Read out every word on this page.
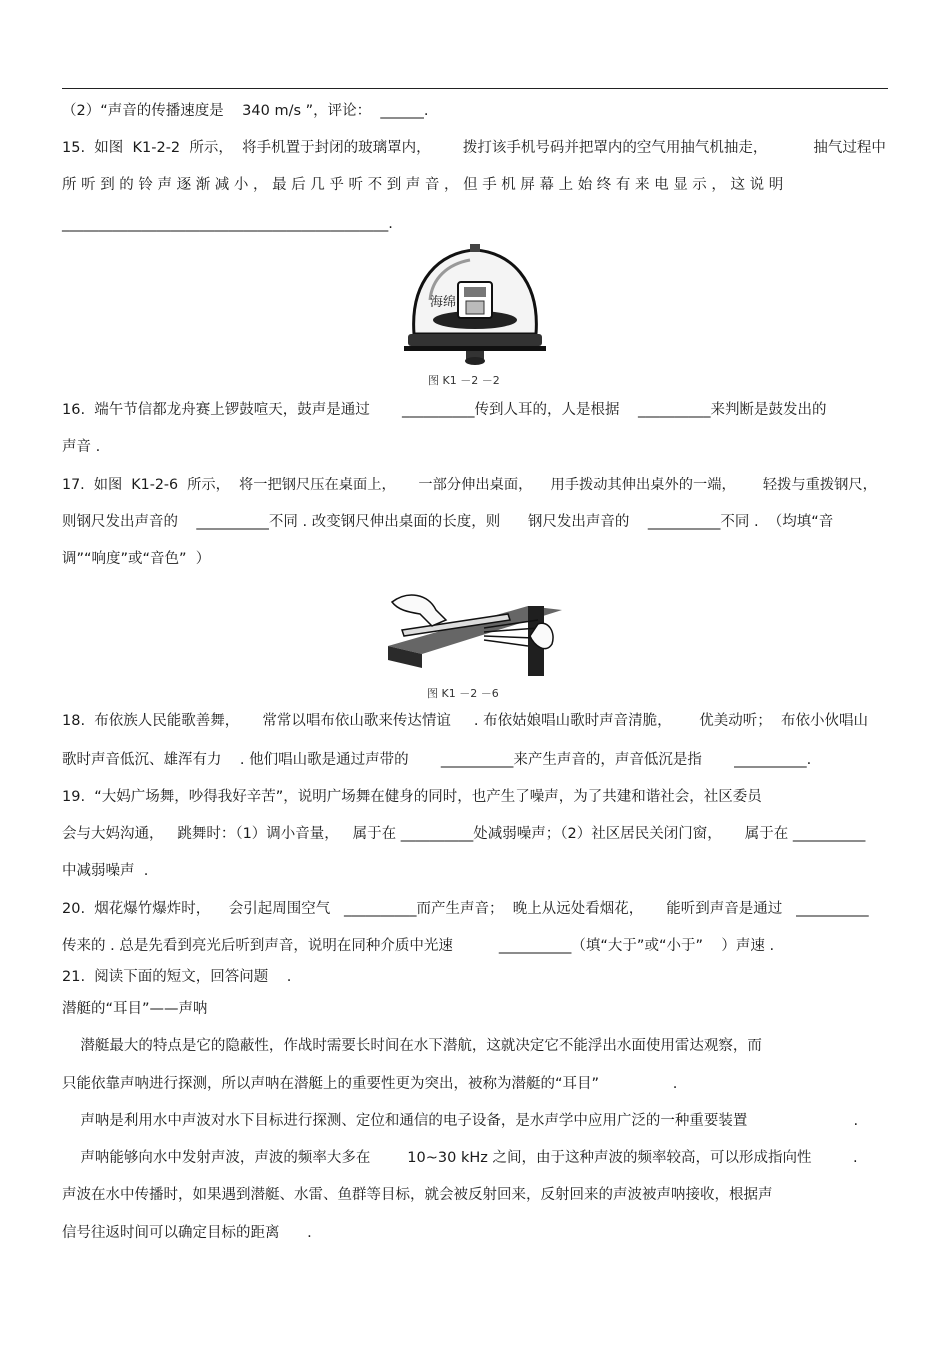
（2）“声音的传播速度是    340 m/s ”，评论：  ______.
15.  如图  K1-2-2  所示，  将手机置于封闭的玻璃罩内，       拨打该手机号码并把罩内的空气用抽气机抽走，          抽气过程中
所听到的铃声逐渐减小，最后几乎听不到声音，但手机屏幕上始终有来电显示，这说明
_____________________________________________.
海绵
图 K1 －2 －2
16.  端午节信都龙舟赛上锣鼓喧天，鼓声是通过       __________传到人耳的，人是根据    __________来判断是鼓发出的
声音 .
17.  如图  K1-2-6  所示，  将一把钢尺压在桌面上，     一部分伸出桌面，    用手拨动其伸出桌外的一端，      轻拨与重拨钢尺，
则钢尺发出声音的    __________不同 . 改变钢尺伸出桌面的长度，则      钢尺发出声音的    __________不同 .  （均填“音
调”“响度”或“音色”  ）
图 K1 －2 －6
18.  布依族人民能歌善舞，     常常以唱布依山歌来传达情谊     . 布依姑娘唱山歌时声音清脆，      优美动听；  布依小伙唱山
歌时声音低沉、雄浑有力    . 他们唱山歌是通过声带的       __________来产生声音的，声音低沉是指       __________.
19.  “大妈广场舞，吵得我好辛苦”，说明广场舞在健身的同时，也产生了噪声，为了共建和谐社会，社区委员
会与大妈沟通，   跳舞时：（1）调小音量，   属于在 __________处减弱噪声；（2）社区居民关闭门窗，     属于在 __________
中减弱噪声  .
20.  烟花爆竹爆炸时，    会引起周围空气   __________而产生声音；  晚上从远处看烟花，     能听到声音是通过   __________
传来的 . 总是先看到亮光后听到声音，说明在同种介质中光速          __________（填“大于”或“小于”    ）声速 .
21.  阅读下面的短文，回答问题    .
潜艇的“耳目”——声呐
潜艇最大的特点是它的隐蔽性，作战时需要长时间在水下潜航，这就决定它不能浮出水面使用雷达观察，而
只能依靠声呐进行探测，所以声呐在潜艇上的重要性更为突出，被称为潜艇的“耳目”                .
声呐是利用水中声波对水下目标进行探测、定位和通信的电子设备，是水声学中应用广泛的一种重要装置                       .
声呐能够向水中发射声波，声波的频率大多在        10~30 kHz 之间，由于这种声波的频率较高，可以形成指向性         .
声波在水中传播时，如果遇到潜艇、水雷、鱼群等目标，就会被反射回来，反射回来的声波被声呐接收，根据声
信号往返时间可以确定目标的距离      .
